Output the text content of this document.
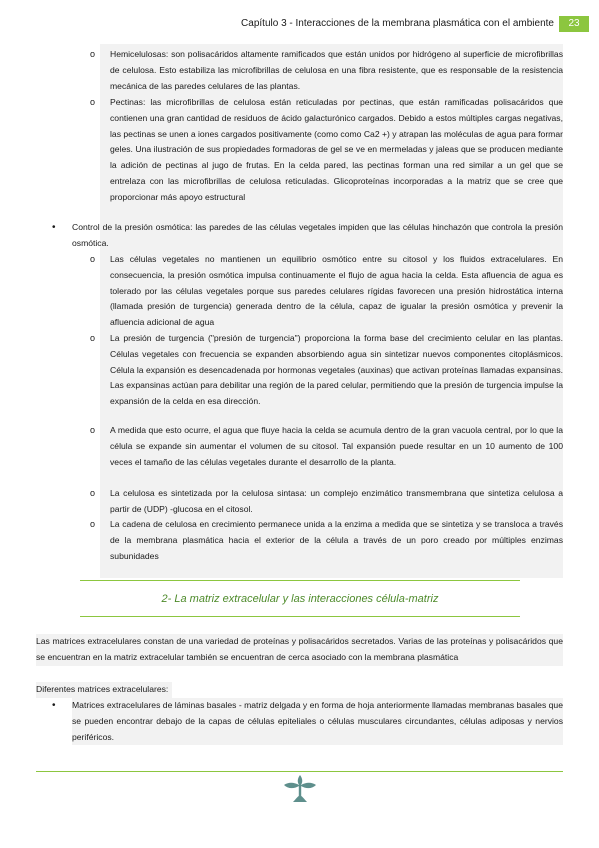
Capítulo 3 - Interacciones de la membrana plasmática con el ambiente	23
o Hemicelulosas: son polisacáridos altamente ramificados que están unidos por hidrógeno al superficie de microfibrillas de celulosa. Esto estabiliza las microfibrillas de celulosa en una fibra resistente, que es responsable de la resistencia mecánica de las paredes celulares de las plantas.
o Pectinas: las microfibrillas de celulosa están reticuladas por pectinas, que están ramificadas polisacáridos que contienen una gran cantidad de residuos de ácido galacturónico cargados. Debido a estos múltiples cargas negativas, las pectinas se unen a iones cargados positivamente (como como Ca2 +) y atrapan las moléculas de agua para formar geles. Una ilustración de sus propiedades formadoras de gel se ve en mermeladas y jaleas que se producen mediante la adición de pectinas al jugo de frutas. En la celda pared, las pectinas forman una red similar a un gel que se entrelaza con las microfibrillas de celulosa reticuladas. Glicoproteínas incorporadas a la matriz que se cree que proporcionar más apoyo estructural
• Control de la presión osmótica: las paredes de las células vegetales impiden que las células hinchazón que controla la presión osmótica.
o Las células vegetales no mantienen un equilibrio osmótico entre su citosol y los fluidos extracelulares. En consecuencia, la presión osmótica impulsa continuamente el flujo de agua hacia la celda. Esta afluencia de agua es tolerado por las células vegetales porque sus paredes celulares rígidas favorecen una presión hidrostática interna (llamada presión de turgencia) generada dentro de la célula, capaz de igualar la presión osmótica y prevenir la afluencia adicional de agua
o La presión de turgencia ("presión de turgencia") proporciona la forma base del crecimiento celular en las plantas. Células vegetales con frecuencia se expanden absorbiendo agua sin sintetizar nuevos componentes citoplásmicos. Célula la expansión es desencadenada por hormonas vegetales (auxinas) que activan proteínas llamadas expansinas. Las expansinas actúan para debilitar una región de la pared celular, permitiendo que la presión de turgencia impulse la expansión de la celda en esa dirección.
o A medida que esto ocurre, el agua que fluye hacia la celda se acumula dentro de la gran vacuola central, por lo que la célula se expande sin aumentar el volumen de su citosol. Tal expansión puede resultar en un 10 aumento de 100 veces el tamaño de las células vegetales durante el desarrollo de la planta.
o La celulosa es sintetizada por la celulosa sintasa: un complejo enzimático transmembrana que sintetiza celulosa a partir de (UDP) -glucosa en el citosol.
o La cadena de celulosa en crecimiento permanece unida a la enzima a medida que se sintetiza y se transloca a través de la membrana plasmática hacia el exterior de la célula a través de un poro creado por múltiples enzimas subunidades
2- La matriz extracelular y las interacciones célula-matriz
Las matrices extracelulares constan de una variedad de proteínas y polisacáridos secretados. Varias de las proteínas y polisacáridos que se encuentran en la matriz extracelular también se encuentran de cerca asociado con la membrana plasmática
Diferentes matrices extracelulares:
• Matrices extracelulares de láminas basales - matriz delgada y en forma de hoja anteriormente llamadas membranas basales que se pueden encontrar debajo de la capas de células epiteliales o células musculares circundantes, células adiposas y nervios periféricos.
